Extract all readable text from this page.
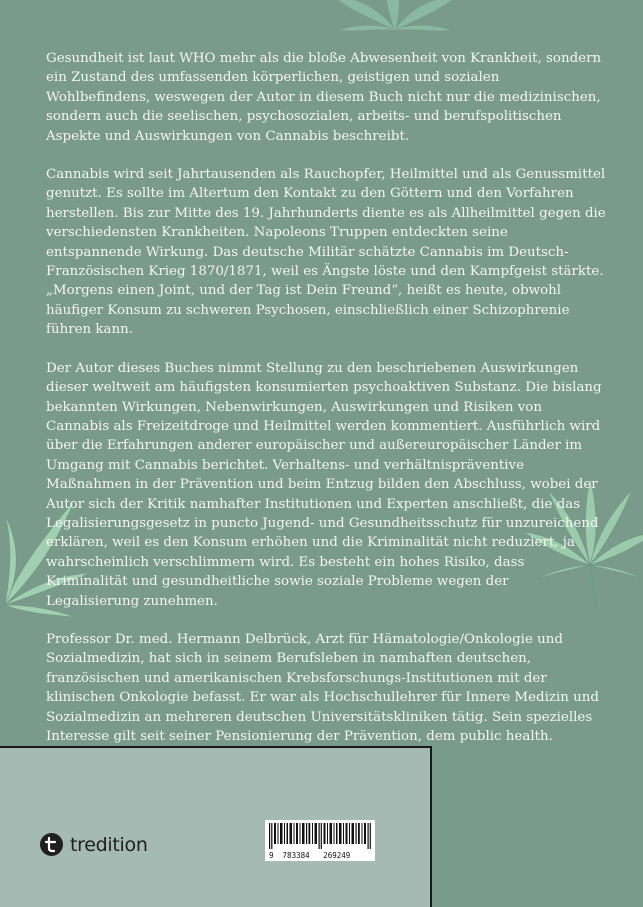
Gesundheit ist laut WHO mehr als die bloße Abwesenheit von Krankheit, sondern ein Zustand des umfassenden körperlichen, geistigen und sozialen Wohlbefindens, weswegen der Autor in diesem Buch nicht nur die medizinischen, sondern auch die seelischen, psychosozialen, arbeits- und berufspolitischen Aspekte und Auswirkungen von Cannabis beschreibt.

Cannabis wird seit Jahrtausenden als Rauchopfer, Heilmittel und als Genussmittel genutzt. Es sollte im Altertum den Kontakt zu den Göttern und den Vorfahren herstellen. Bis zur Mitte des 19. Jahrhunderts diente es als Allheilmittel gegen die verschiedensten Krankheiten. Napoleons Truppen entdeckten seine entspannende Wirkung. Das deutsche Militär schätzte Cannabis im Deutsch-Französischen Krieg 1870/1871, weil es Ängste löste und den Kampfgeist stärkte. „Morgens einen Joint, und der Tag ist Dein Freund“, heißt es heute, obwohl häufiger Konsum zu schweren Psychosen, einschließlich einer Schizophrenie führen kann.

Der Autor dieses Buches nimmt Stellung zu den beschriebenen Auswirkungen dieser weltweit am häufigsten konsumierten psychoaktiven Substanz. Die bislang bekannten Wirkungen, Nebenwirkungen, Auswirkungen und Risiken von Cannabis als Freizeitdroge und Heilmittel werden kommentiert. Ausführlich wird über die Erfahrungen anderer europäischer und außereuropäischer Länder im Umgang mit Cannabis berichtet. Verhaltens- und verhältnispräventive Maßnahmen in der Prävention und beim Entzug bilden den Abschluss, wobei der Autor sich der Kritik namhafter Institutionen und Experten anschließt, die das Legalisierungsgesetz in puncto Jugend- und Gesundheitsschutz für unzureichend erklären, weil es den Konsum erhöhen und die Kriminalität nicht reduziert, ja wahrscheinlich verschlimmern wird. Es besteht ein hohes Risiko, dass Kriminalität und gesundheitliche sowie soziale Probleme wegen der Legalisierung zunehmen.

Professor Dr. med. Hermann Delbrück, Arzt für Hämatologie/Onkologie und Sozialmedizin, hat sich in seinem Berufsleben in namhaften deutschen, französischen und amerikanischen Krebsforschungs-Institutionen mit der klinischen Onkologie befasst. Er war als Hochschullehrer für Innere Medizin und Sozialmedizin an mehreren deutschen Universitätskliniken tätig. Sein spezielles Interesse gilt seit seiner Pensionierung der Prävention, dem public health.

tredition	9  783384   269249
